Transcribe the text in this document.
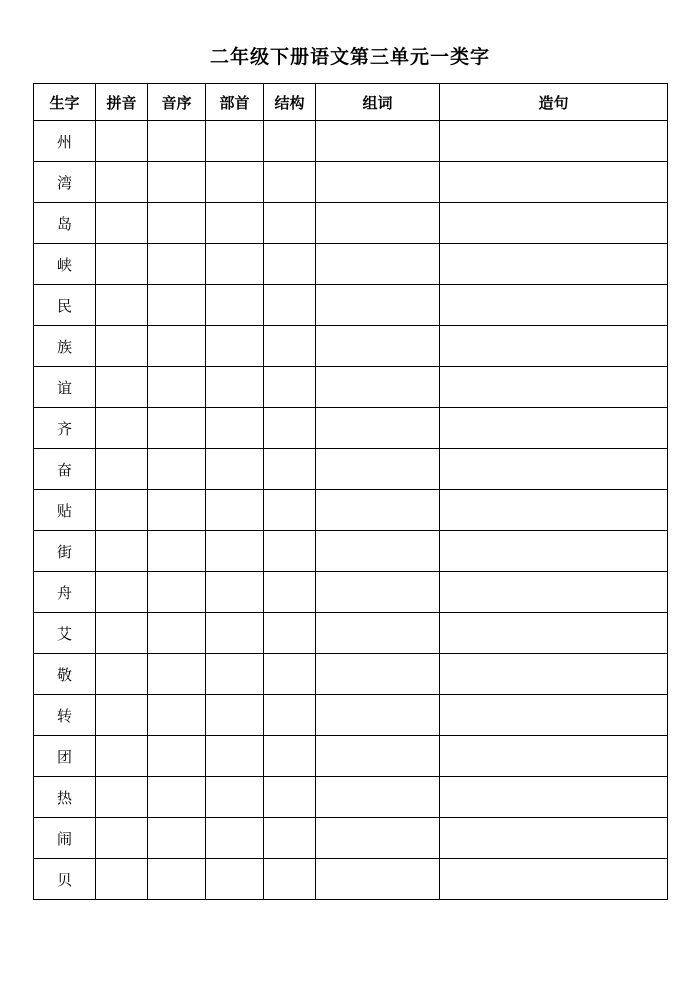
二年级下册语文第三单元一类字
生字	拼音	音序	部首	结构	组词	造句
州						
湾						
岛						
峡						
民						
族						
谊						
齐						
奋						
贴						
街						
舟						
艾						
敬						
转						
团						
热						
闹						
贝						
